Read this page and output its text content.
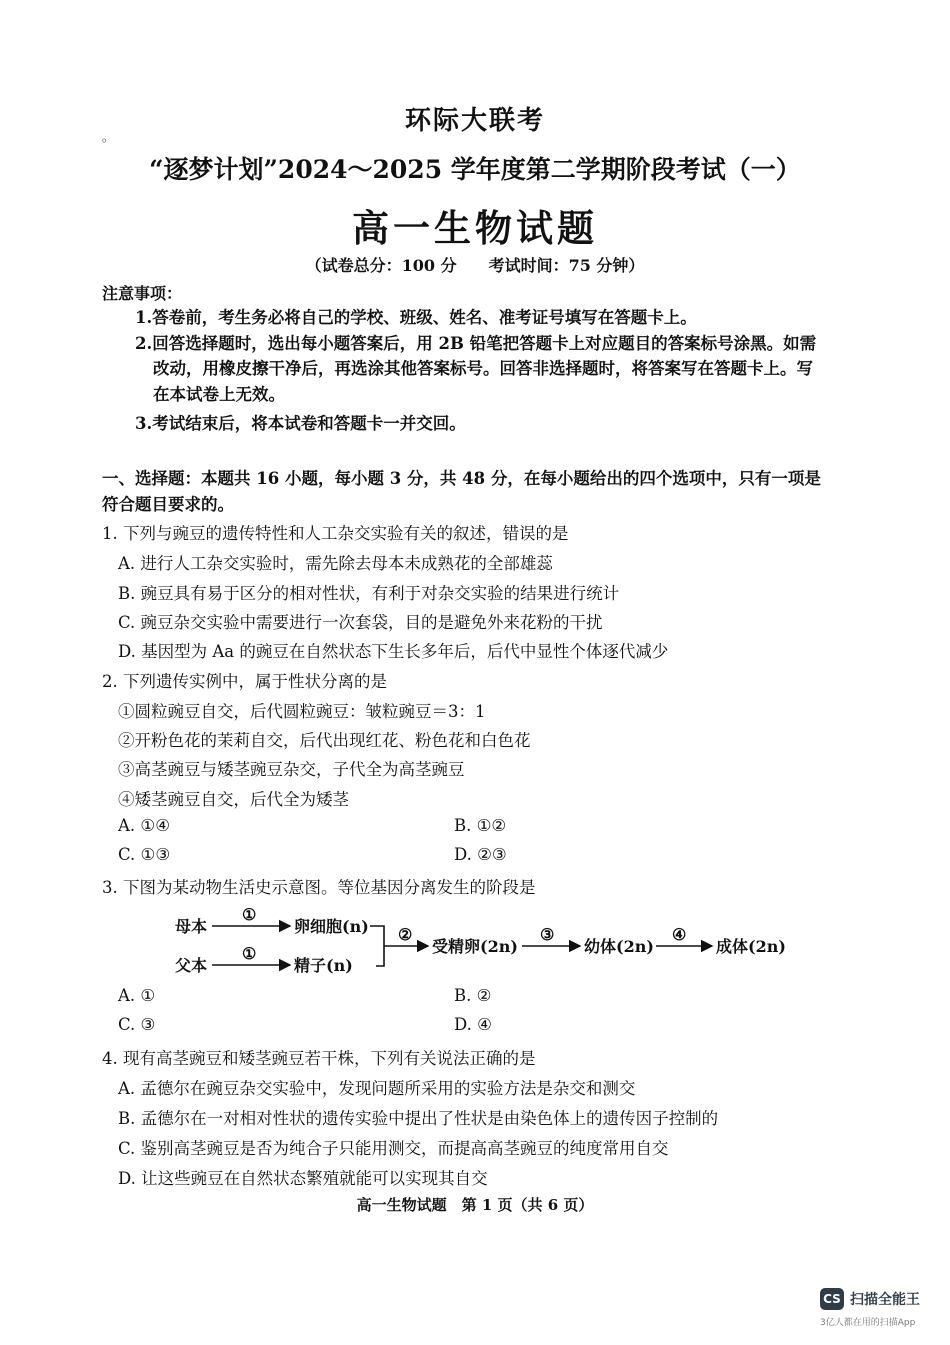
。
环际大联考
“逐梦计划”2024～2025 学年度第二学期阶段考试（一）
高一生物试题
（试卷总分：100 分　　考试时间：75 分钟）
注意事项：
1.答卷前，考生务必将自己的学校、班级、姓名、准考证号填写在答题卡上。
2.回答选择题时，选出每小题答案后，用 2B 铅笔把答题卡上对应题目的答案标号涂黑。如需
改动，用橡皮擦干净后，再选涂其他答案标号。回答非选择题时，将答案写在答题卡上。写
在本试卷上无效。
3.考试结束后，将本试卷和答题卡一并交回。
一、选择题：本题共 16 小题，每小题 3 分，共 48 分，在每小题给出的四个选项中，只有一项是
符合题目要求的。
1. 下列与豌豆的遗传特性和人工杂交实验有关的叙述，错误的是
A. 进行人工杂交实验时，需先除去母本未成熟花的全部雄蕊
B. 豌豆具有易于区分的相对性状，有利于对杂交实验的结果进行统计
C. 豌豆杂交实验中需要进行一次套袋，目的是避免外来花粉的干扰
D. 基因型为 Aa 的豌豆在自然状态下生长多年后，后代中显性个体逐代减少
2. 下列遗传实例中，属于性状分离的是
①圆粒豌豆自交，后代圆粒豌豆：皱粒豌豆＝3：1
②开粉色花的茉莉自交，后代出现红花、粉色花和白色花
③高茎豌豆与矮茎豌豆杂交，子代全为高茎豌豆
④矮茎豌豆自交，后代全为矮茎
A. ①④	B. ①②
C. ①③	D. ②③
3. 下图为某动物生活史示意图。等位基因分离发生的阶段是
母本
父本
①
①
卵细胞(n)
精子(n)
②
受精卵(2n)
③
幼体(2n)
④
成体(2n)
A. ①	B. ②
C. ③	D. ④
4. 现有高茎豌豆和矮茎豌豆若干株，下列有关说法正确的是
A. 孟德尔在豌豆杂交实验中，发现问题所采用的实验方法是杂交和测交
B. 孟德尔在一对相对性状的遗传实验中提出了性状是由染色体上的遗传因子控制的
C. 鉴别高茎豌豆是否为纯合子只能用测交，而提高高茎豌豆的纯度常用自交
D. 让这些豌豆在自然状态繁殖就能可以实现其自交
高一生物试题　第 1 页（共 6 页）
CS 扫描全能王
3亿人都在用的扫描App
